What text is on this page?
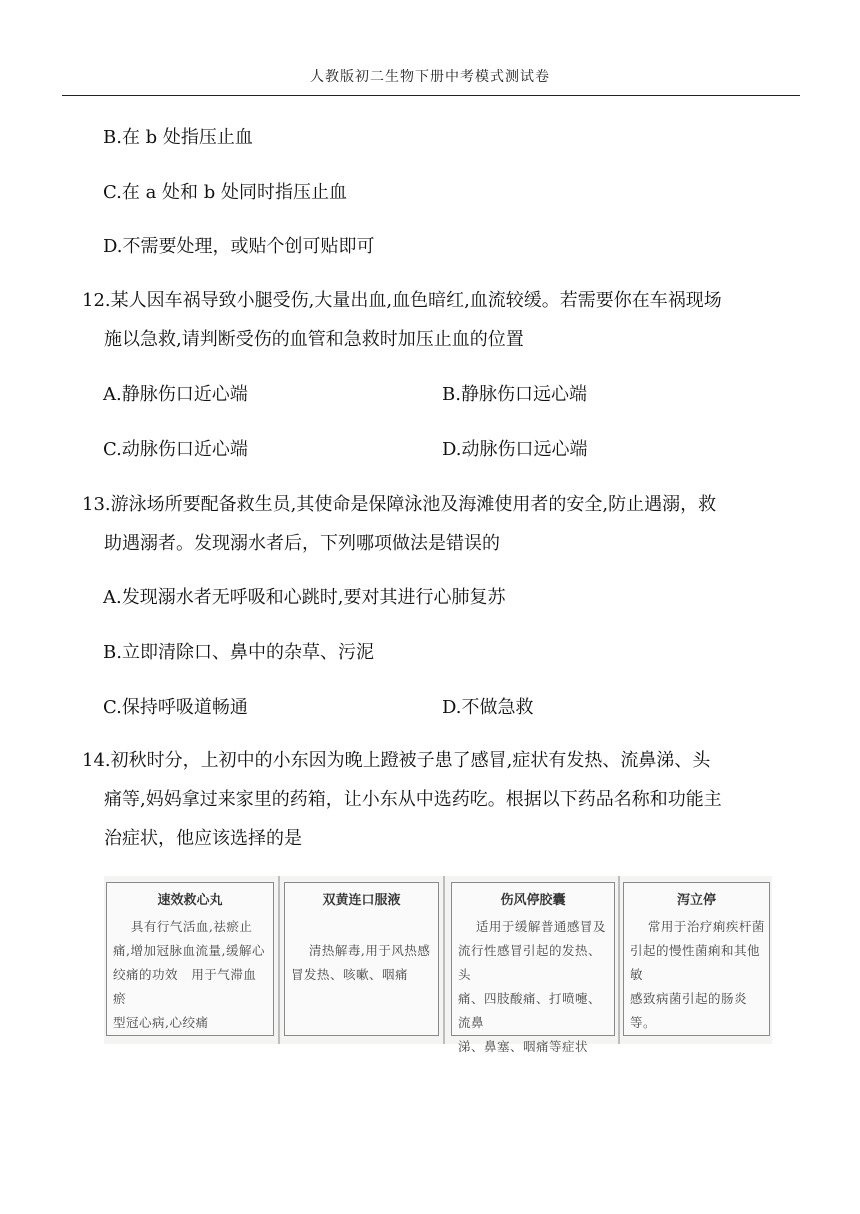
人教版初二生物下册中考模式测试卷
B.在 b 处指压止血
C.在 a 处和 b 处同时指压止血
D.不需要处理，或贴个创可贴即可
12.某人因车祸导致小腿受伤,大量出血,血色暗红,血流较缓。若需要你在车祸现场
施以急救,请判断受伤的血管和急救时加压止血的位置
A.静脉伤口近心端	B.静脉伤口远心端
C.动脉伤口近心端	D.动脉伤口远心端
13.游泳场所要配备救生员,其使命是保障泳池及海滩使用者的安全,防止遇溺，救
助遇溺者。发现溺水者后，下列哪项做法是错误的
A.发现溺水者无呼吸和心跳时,要对其进行心肺复苏
B.立即清除口、鼻中的杂草、污泥
C.保持呼吸道畅通	D.不做急救
14.初秋时分，上初中的小东因为晚上蹬被子患了感冒,症状有发热、流鼻涕、头
痛等,妈妈拿过来家里的药箱，让小东从中选药吃。根据以下药品名称和功能主
治症状，他应该选择的是
速效救心丸
具有行气活血,祛瘀止
痛,增加冠脉血流量,缓解心
绞痛的功效   用于气滞血瘀
型冠心病,心绞痛
双黄连口服液

清热解毒,用于风热感
冒发热、咳嗽、咽痛
伤风停胶囊
适用于缓解普通感冒及
流行性感冒引起的发热、头
痛、四肢酸痛、打喷嚏、流鼻
涕、鼻塞、咽痛等症状
泻立停
常用于治疗痢疾杆菌
引起的慢性菌痢和其他敏
感致病菌引起的肠炎等。
